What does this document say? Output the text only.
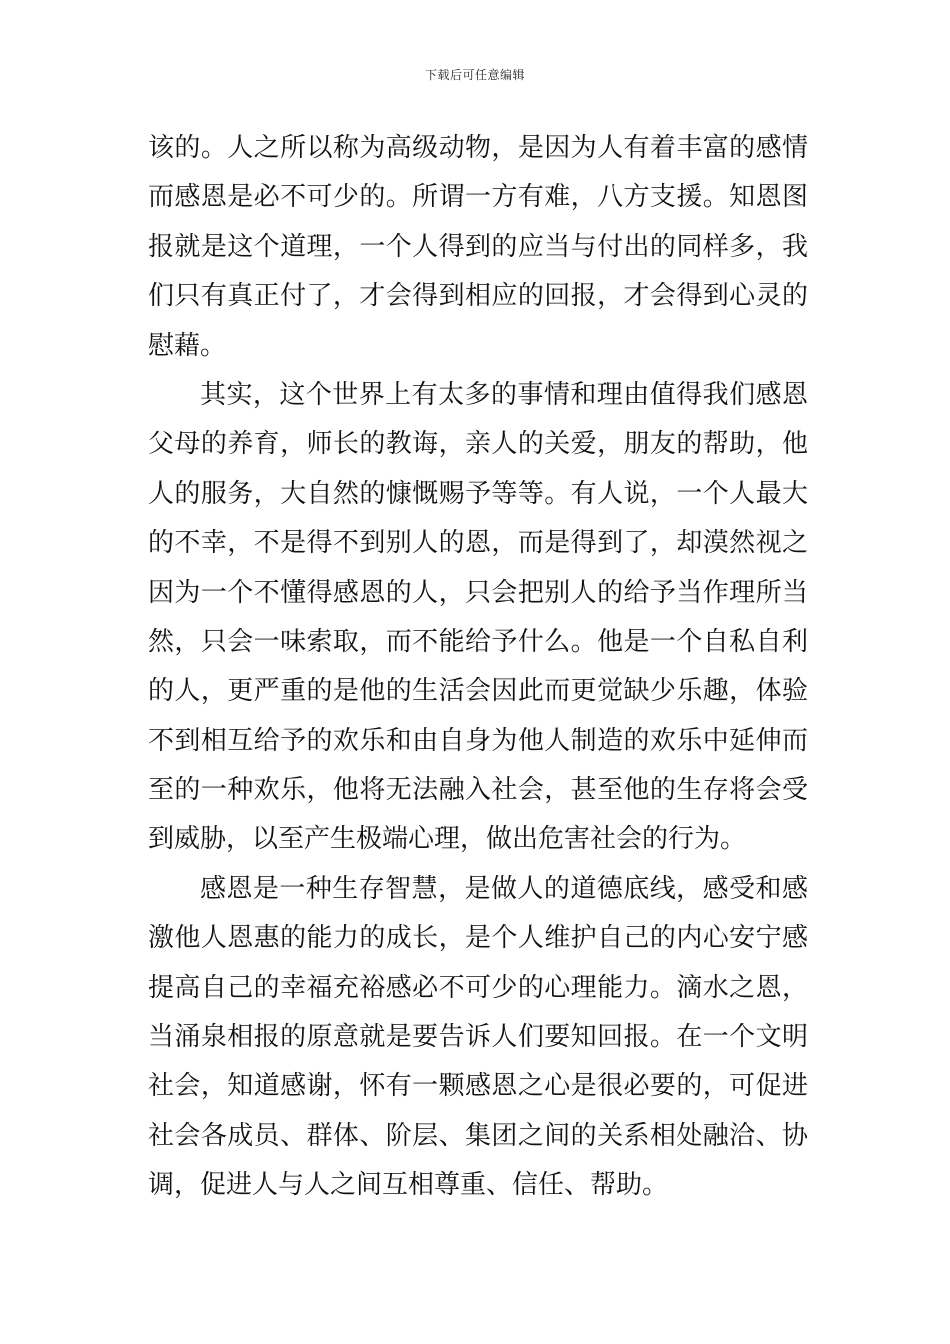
下载后可任意编辑
该的。人之所以称为高级动物，是因为人有着丰富的感情
而感恩是必不可少的。所谓一方有难，八方支援。知恩图
报就是这个道理，一个人得到的应当与付出的同样多，我
们只有真正付了，才会得到相应的回报，才会得到心灵的
慰藉。
其实，这个世界上有太多的事情和理由值得我们感恩
父母的养育，师长的教诲，亲人的关爱，朋友的帮助，他
人的服务，大自然的慷慨赐予等等。有人说，一个人最大
的不幸，不是得不到别人的恩，而是得到了，却漠然视之
因为一个不懂得感恩的人，只会把别人的给予当作理所当
然，只会一味索取，而不能给予什么。他是一个自私自利
的人，更严重的是他的生活会因此而更觉缺少乐趣，体验
不到相互给予的欢乐和由自身为他人制造的欢乐中延伸而
至的一种欢乐，他将无法融入社会，甚至他的生存将会受
到威胁，以至产生极端心理，做出危害社会的行为。
感恩是一种生存智慧，是做人的道德底线，感受和感
激他人恩惠的能力的成长，是个人维护自己的内心安宁感
提高自己的幸福充裕感必不可少的心理能力。滴水之恩，
当涌泉相报的原意就是要告诉人们要知回报。在一个文明
社会，知道感谢，怀有一颗感恩之心是很必要的，可促进
社会各成员、群体、阶层、集团之间的关系相处融洽、协
调，促进人与人之间互相尊重、信任、帮助。
